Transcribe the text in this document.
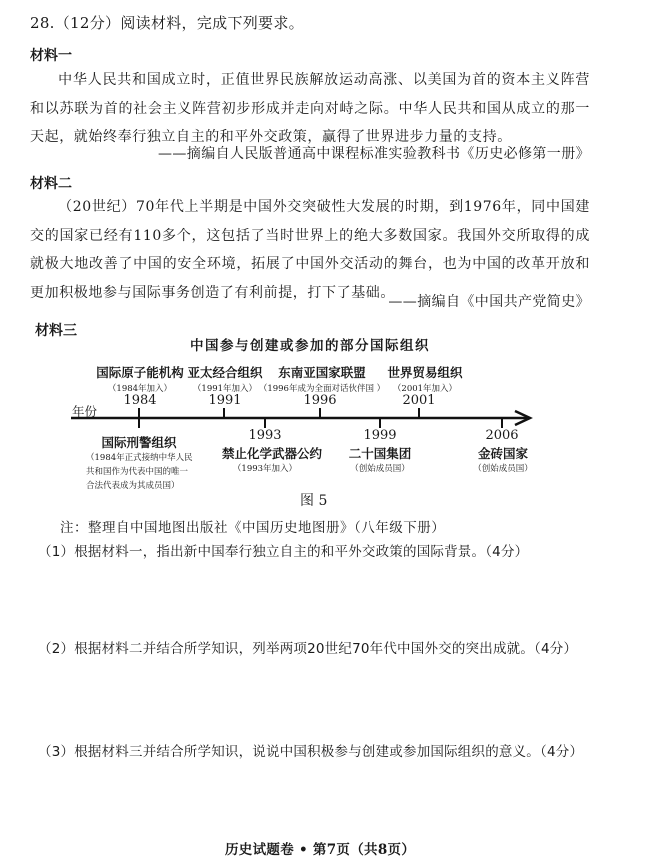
28.（12分）阅读材料，完成下列要求。
材料一
中华人民共和国成立时，正值世界民族解放运动高涨、以美国为首的资本主义阵营和以苏联为首的社会主义阵营初步形成并走向对峙之际。中华人民共和国从成立的那一天起，就始终奉行独立自主的和平外交政策，赢得了世界进步力量的支持。
——摘编自人民版普通高中课程标准实验教科书《历史必修第一册》
材料二
（20世纪）70年代上半期是中国外交突破性大发展的时期，到1976年，同中国建交的国家已经有110多个，这包括了当时世界上的绝大多数国家。我国外交所取得的成就极大地改善了中国的安全环境，拓展了中国外交活动的舞台，也为中国的改革开放和更加积极地参与国际事务创造了有利前提，打下了基础。
——摘编自《中国共产党简史》
材料三
中国参与创建或参加的部分国际组织
年份
国际原子能机构
（1984年加入）
1984
亚太经合组织
（1991年加入）
1991
东南亚国家联盟
（1996年成为全面对话伙伴国 ）
1996
世界贸易组织
（2001年加入）
2001
国际刑警组织
（1984年正式接纳中华人民共和国作为代表中国的唯一合法代表成为其成员国）
1993
禁止化学武器公约
（1993年加入）
1999
二十国集团
（创始成员国）
2006
金砖国家
（创始成员国）
图 5
注：整理自中国地图出版社《中国历史地图册》（八年级下册）
（1）根据材料一，指出新中国奉行独立自主的和平外交政策的国际背景。（4分）
（2）根据材料二并结合所学知识，列举两项20世纪70年代中国外交的突出成就。（4分）
（3）根据材料三并结合所学知识，说说中国积极参与创建或参加国际组织的意义。（4分）
历史试题卷 • 第7页（共8页）
